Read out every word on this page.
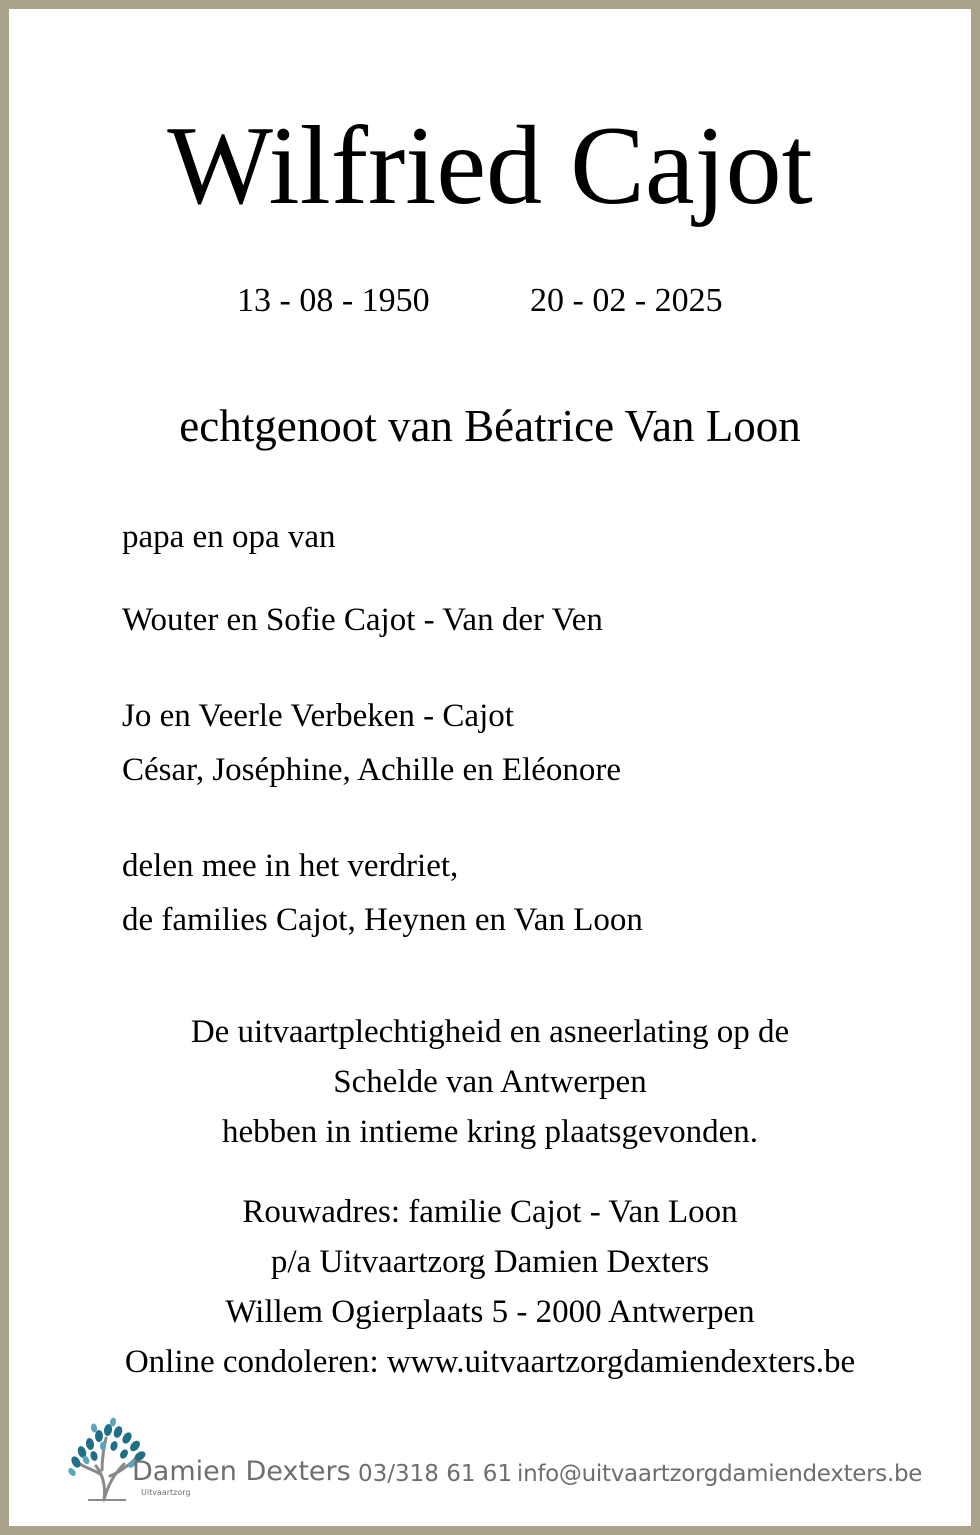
Wilfried Cajot
13 - 08 - 1950	20 - 02 - 2025
echtgenoot van Béatrice Van Loon
papa en opa van
Wouter en Sofie Cajot - Van der Ven
Jo en Veerle Verbeken - Cajot
César, Joséphine, Achille en Eléonore
delen mee in het verdriet,
de families Cajot, Heynen en Van Loon
De uitvaartplechtigheid en asneerlating op de
Schelde van Antwerpen
hebben in intieme kring plaatsgevonden.
Rouwadres: familie Cajot - Van Loon
p/a Uitvaartzorg Damien Dexters
Willem Ogierplaats 5 - 2000 Antwerpen
Online condoleren: www.uitvaartzorgdamiendexters.be
Damien Dexters
Uitvaartzorg
03/318 61 61 info@uitvaartzorgdamiendexters.be
